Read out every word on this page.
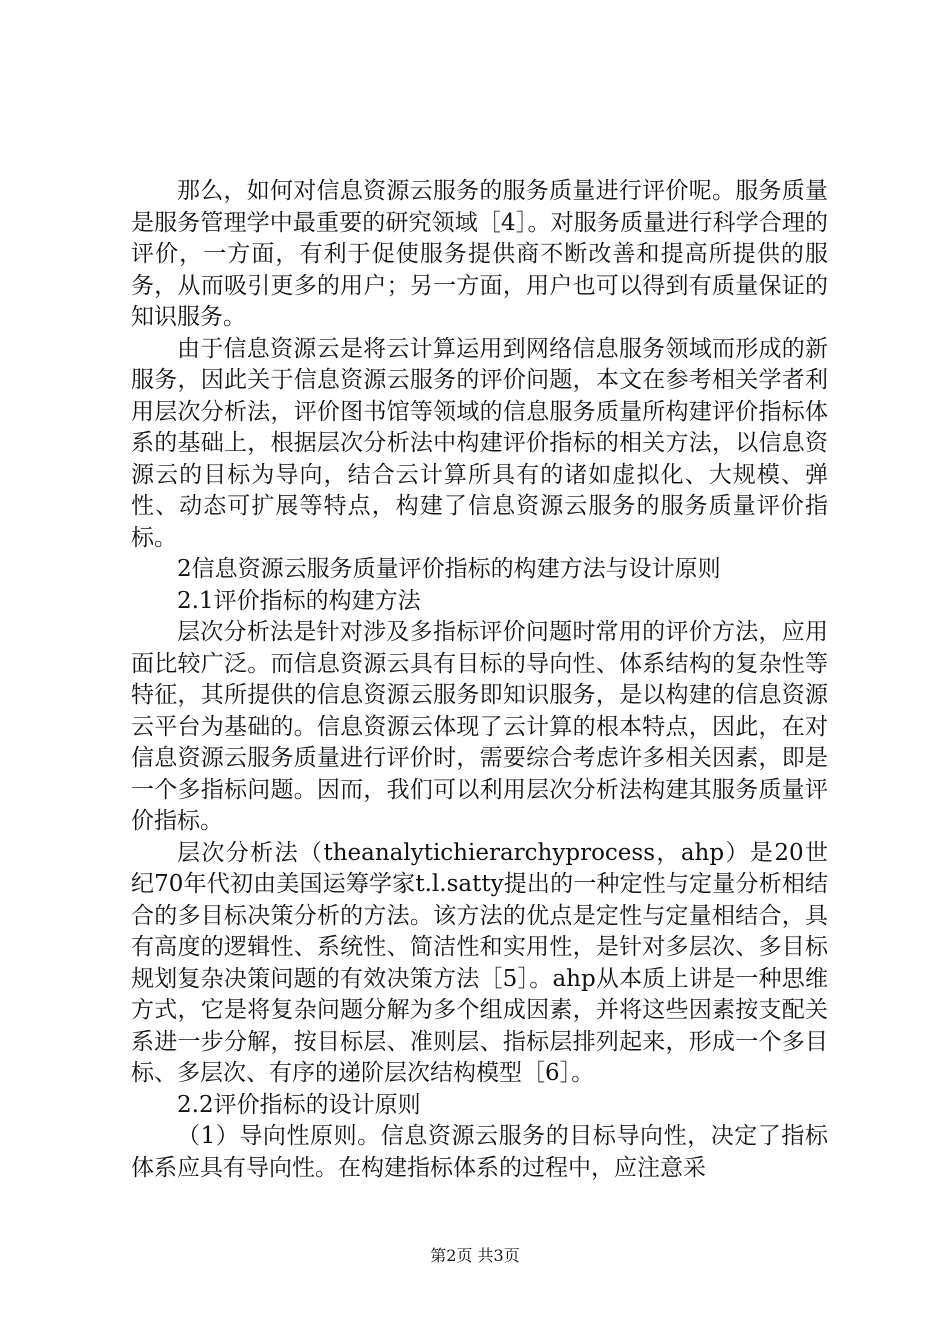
那么，如何对信息资源云服务的服务质量进行评价呢。服务质量是服务管理学中最重要的研究领域［4］。对服务质量进行科学合理的评价，一方面，有利于促使服务提供商不断改善和提高所提供的服务，从而吸引更多的用户；另一方面，用户也可以得到有质量保证的知识服务。

由于信息资源云是将云计算运用到网络信息服务领域而形成的新服务，因此关于信息资源云服务的评价问题，本文在参考相关学者利用层次分析法，评价图书馆等领域的信息服务质量所构建评价指标体系的基础上，根据层次分析法中构建评价指标的相关方法，以信息资源云的目标为导向，结合云计算所具有的诸如虚拟化、大规模、弹性、动态可扩展等特点，构建了信息资源云服务的服务质量评价指标。

2信息资源云服务质量评价指标的构建方法与设计原则

2.1评价指标的构建方法

层次分析法是针对涉及多指标评价问题时常用的评价方法，应用面比较广泛。而信息资源云具有目标的导向性、体系结构的复杂性等特征，其所提供的信息资源云服务即知识服务，是以构建的信息资源云平台为基础的。信息资源云体现了云计算的根本特点，因此，在对信息资源云服务质量进行评价时，需要综合考虑许多相关因素，即是一个多指标问题。因而，我们可以利用层次分析法构建其服务质量评价指标。

层次分析法（theanalytichierarchyprocess，ahp）是20世纪70年代初由美国运筹学家t.l.satty提出的一种定性与定量分析相结合的多目标决策分析的方法。该方法的优点是定性与定量相结合，具有高度的逻辑性、系统性、简洁性和实用性，是针对多层次、多目标规划复杂决策问题的有效决策方法［5］。ahp从本质上讲是一种思维方式，它是将复杂问题分解为多个组成因素，并将这些因素按支配关系进一步分解，按目标层、准则层、指标层排列起来，形成一个多目标、多层次、有序的递阶层次结构模型［6］。

2.2评价指标的设计原则

（1）导向性原则。信息资源云服务的目标导向性，决定了指标体系应具有导向性。在构建指标体系的过程中，应注意采

第2页 共3页
